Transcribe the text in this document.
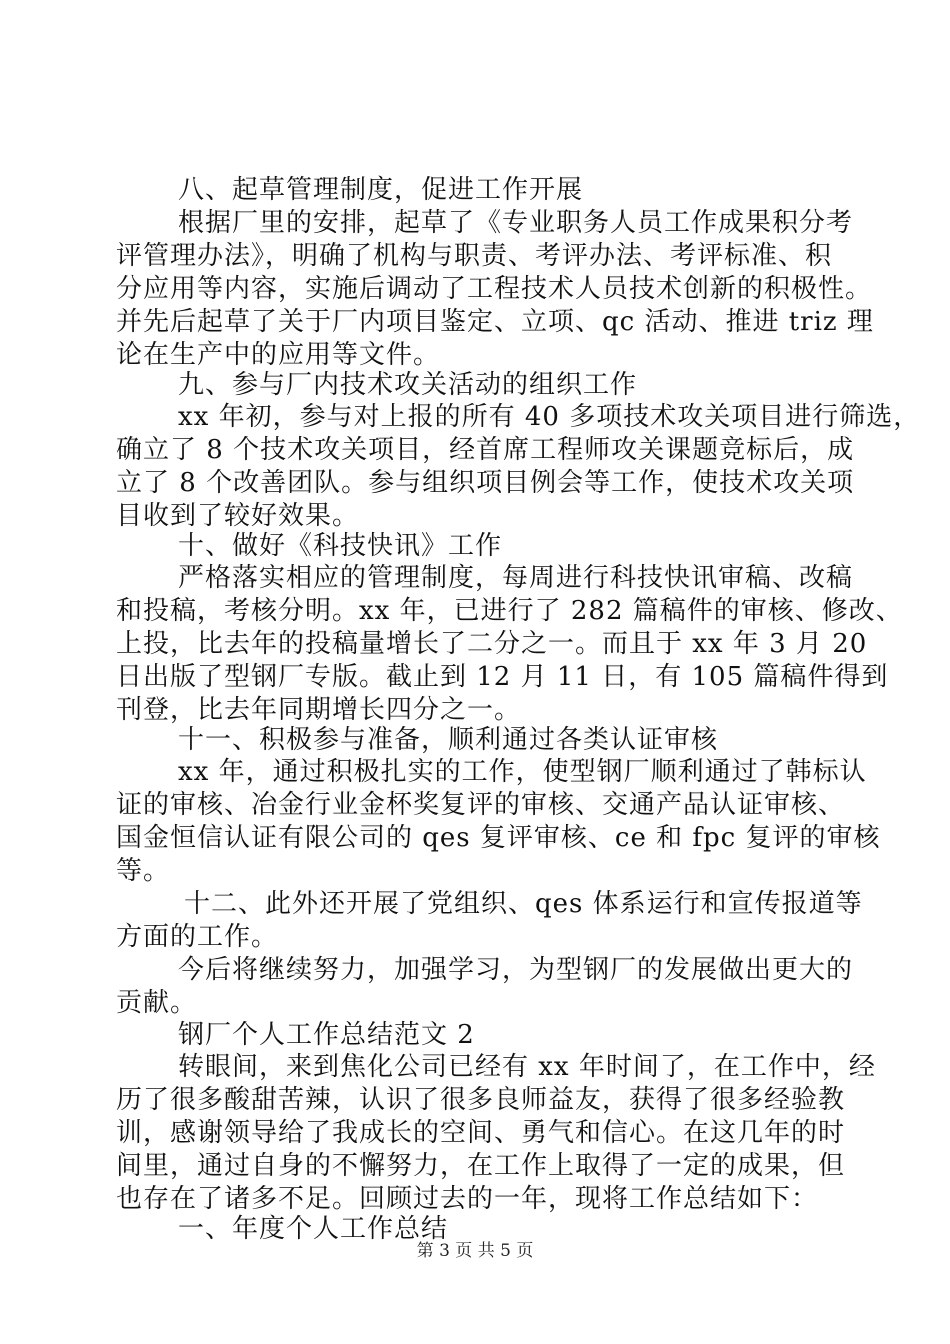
八、起草管理制度，促进工作开展
根据厂里的安排，起草了《专业职务人员工作成果积分考
评管理办法》，明确了机构与职责、考评办法、考评标准、积
分应用等内容，实施后调动了工程技术人员技术创新的积极性。
并先后起草了关于厂内项目鉴定、立项、qc 活动、推进 triz 理
论在生产中的应用等文件。
九、参与厂内技术攻关活动的组织工作
xx 年初，参与对上报的所有 40 多项技术攻关项目进行筛选，
确立了 8 个技术攻关项目，经首席工程师攻关课题竞标后，成
立了 8 个改善团队。参与组织项目例会等工作，使技术攻关项
目收到了较好效果。
十、做好《科技快讯》工作
严格落实相应的管理制度，每周进行科技快讯审稿、改稿
和投稿，考核分明。xx 年，已进行了 282 篇稿件的审核、修改、
上投，比去年的投稿量增长了二分之一。而且于 xx 年 3 月 20
日出版了型钢厂专版。截止到 12 月 11 日，有 105 篇稿件得到
刊登，比去年同期增长四分之一。
十一、积极参与准备，顺利通过各类认证审核
xx 年，通过积极扎实的工作，使型钢厂顺利通过了韩标认
证的审核、冶金行业金杯奖复评的审核、交通产品认证审核、
国金恒信认证有限公司的 qes 复评审核、ce 和 fpc 复评的审核
等。
十二、此外还开展了党组织、qes 体系运行和宣传报道等
方面的工作。
今后将继续努力，加强学习，为型钢厂的发展做出更大的
贡献。
钢厂个人工作总结范文 2
转眼间，来到焦化公司已经有 xx 年时间了，在工作中，经
历了很多酸甜苦辣，认识了很多良师益友，获得了很多经验教
训，感谢领导给了我成长的空间、勇气和信心。在这几年的时
间里，通过自身的不懈努力，在工作上取得了一定的成果，但
也存在了诸多不足。回顾过去的一年，现将工作总结如下：
一、年度个人工作总结
第 3 页 共 5 页
